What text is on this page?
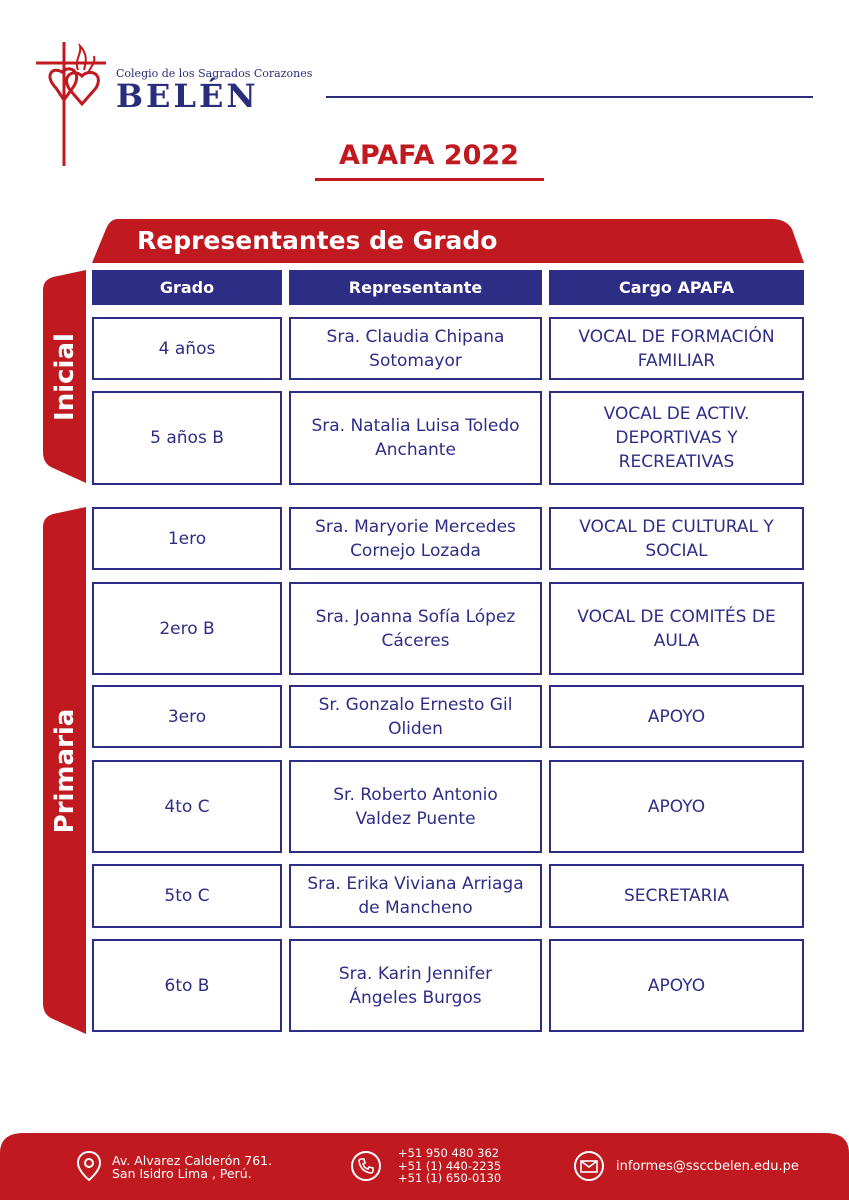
Colegio de los Sagrados Corazones
BELÉN
APAFA 2022
Representantes de Grado
Inicial
Primaria
Grado	Representante	Cargo APAFA
4 años
Sra. Claudia Chipana
Sotomayor
VOCAL DE FORMACIÓN
FAMILIAR
5 años B
Sra. Natalia Luisa Toledo
Anchante
VOCAL DE ACTIV.
DEPORTIVAS Y
RECREATIVAS
1ero
Sra. Maryorie Mercedes
Cornejo Lozada
VOCAL DE CULTURAL Y
SOCIAL
2ero B
Sra. Joanna Sofía López
Cáceres
VOCAL DE COMITÉS DE
AULA
3ero
Sr. Gonzalo Ernesto Gil
Oliden
APOYO
4to C
Sr. Roberto Antonio
Valdez Puente
APOYO
5to C
Sra. Erika Viviana Arriaga
de Mancheno
SECRETARIA
6to B
Sra. Karin Jennifer
Ángeles Burgos
APOYO
Av. Alvarez Calderón 761.
San Isidro Lima , Perú.
+51 950 480 362
+51 (1) 440-2235
+51 (1) 650-0130
informes@ssccbelen.edu.pe
